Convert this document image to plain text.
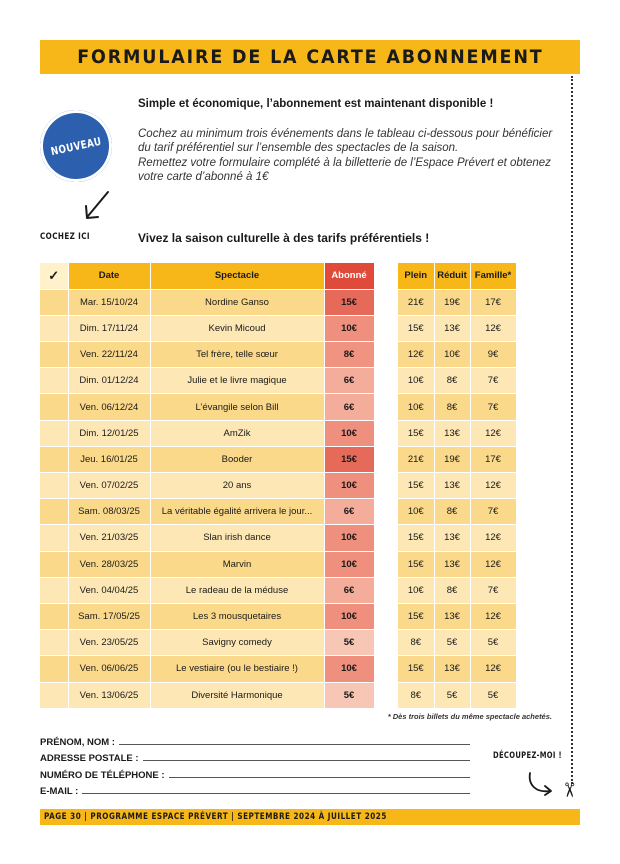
FORMULAIRE DE LA CARTE ABONNEMENT
NOUVEAU
COCHEZ ICI
Simple et économique, l’abonnement est maintenant disponible !

Cochez au minimum trois événements dans le tableau ci-dessous pour bénéficier du tarif préférentiel sur l’ensemble des spectacles de la saison.

Remettez votre formulaire complété à la billetterie de l’Espace Prévert et obtenez votre carte d’abonné à 1€

Vivez la saison culturelle à des tarifs préférentiels !
✓	Date	Spectacle	Abonné
	Mar. 15/10/24	Nordine Ganso	15€
	Dim. 17/11/24	Kevin Micoud	10€
	Ven. 22/11/24	Tel frère, telle sœur	8€
	Dim. 01/12/24	Julie et le livre magique	6€
	Ven. 06/12/24	L’évangile selon Bill	6€
	Dim. 12/01/25	AmZik	10€
	Jeu. 16/01/25	Booder	15€
	Ven. 07/02/25	20 ans	10€
	Sam. 08/03/25	La véritable égalité arrivera le jour...	6€
	Ven. 21/03/25	Slan irish dance	10€
	Ven. 28/03/25	Marvin	10€
	Ven. 04/04/25	Le radeau de la méduse	6€
	Sam. 17/05/25	Les 3 mousquetaires	10€
	Ven. 23/05/25	Savigny comedy	5€
	Ven. 06/06/25	Le vestiaire (ou le bestiaire !)	10€
	Ven. 13/06/25	Diversité Harmonique	5€
Plein	Réduit	Famille*
21€	19€	17€
15€	13€	12€
12€	10€	9€
10€	8€	7€
10€	8€	7€
15€	13€	12€
21€	19€	17€
15€	13€	12€
10€	8€	7€
15€	13€	12€
15€	13€	12€
10€	8€	7€
15€	13€	12€
8€	5€	5€
15€	13€	12€
8€	5€	5€
* Dès trois billets du même spectacle achetés.
PRÉNOM, NOM :
ADRESSE POSTALE :
NUMÉRO DE TÉLÉPHONE :
E-MAIL :
DÉCOUPEZ-MOI !
✂
PAGE 30 | PROGRAMME ESPACE PRÉVERT | SEPTEMBRE 2024 À JUILLET 2025
